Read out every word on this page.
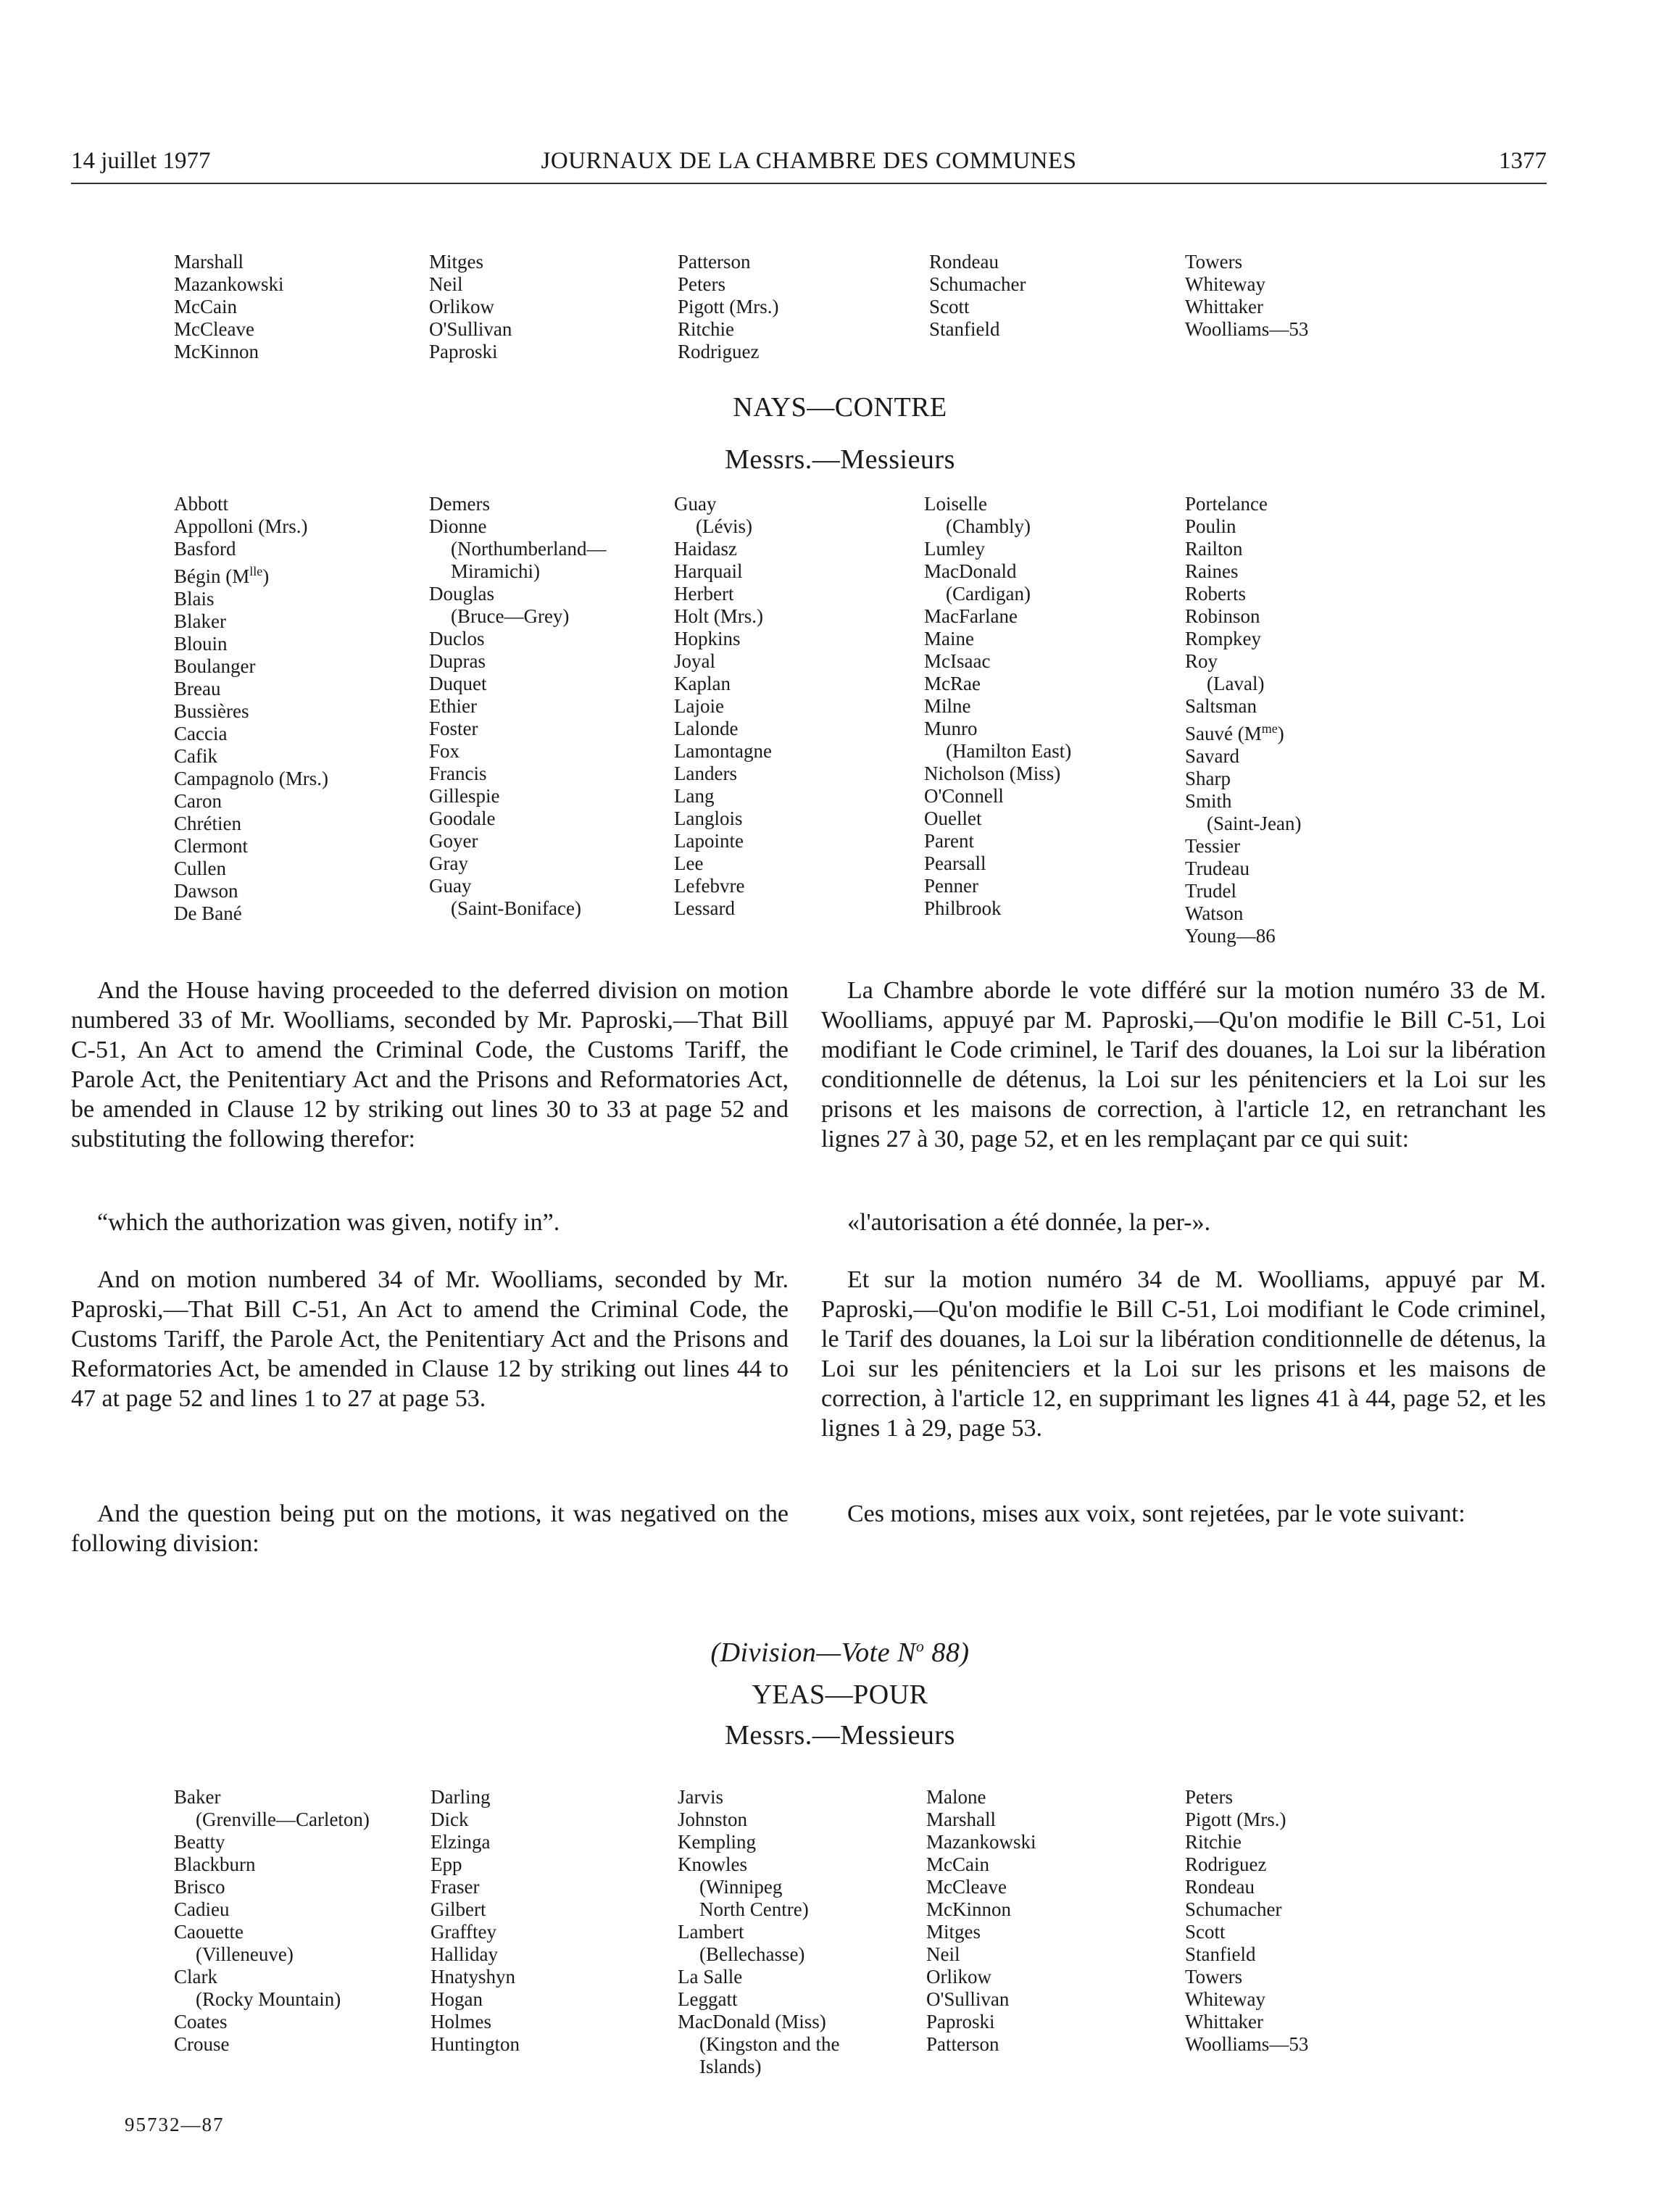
14 juillet 1977	JOURNAUX DE LA CHAMBRE DES COMMUNES	1377
Marshall
Mazankowski
McCain
McCleave
McKinnon
Mitges
Neil
Orlikow
O'Sullivan
Paproski
Patterson
Peters
Pigott (Mrs.)
Ritchie
Rodriguez
Rondeau
Schumacher
Scott
Stanfield
Towers
Whiteway
Whittaker
Woolliams—53
NAYS—CONTRE
Messrs.—Messieurs
Abbott
Appolloni (Mrs.)
Basford
Bégin $(M^{lle})$
Blais
Blaker
Blouin
Boulanger
Breau
Bussières
Caccia
Cafik
Campagnolo (Mrs.)
Caron
Chrétien
Clermont
Cullen
Dawson
De Bané
Demers
Dionne
(Northumberland—
Miramichi)
Douglas
(Bruce—Grey)
Duclos
Dupras
Duquet
Ethier
Foster
Fox
Francis
Gillespie
Goodale
Goyer
Gray
Guay
(Saint-Boniface)
Guay
(Lévis)
Haidasz
Harquail
Herbert
Holt (Mrs.)
Hopkins
Joyal
Kaplan
Lajoie
Lalonde
Lamontagne
Landers
Lang
Langlois
Lapointe
Lee
Lefebvre
Lessard
Loiselle
(Chambly)
Lumley
MacDonald
(Cardigan)
MacFarlane
Maine
McIsaac
McRae
Milne
Munro
(Hamilton East)
Nicholson (Miss)
O'Connell
Ouellet
Parent
Pearsall
Penner
Philbrook
Portelance
Poulin
Railton
Raines
Roberts
Robinson
Rompkey
Roy
(Laval)
Saltsman
Sauvé $(M^{me})$
Savard
Sharp
Smith
(Saint-Jean)
Tessier
Trudeau
Trudel
Watson
Young—86
And the House having proceeded to the deferred division on motion numbered 33 of Mr. Woolliams, seconded by Mr. Paproski,—That Bill C-51, An Act to amend the Criminal Code, the Customs Tariff, the Parole Act, the Penitentiary Act and the Prisons and Reformatories Act, be amended in Clause 12 by striking out lines 30 to 33 at page 52 and substituting the following therefor:
“which the authorization was given, notify in”.
And on motion numbered 34 of Mr. Woolliams, seconded by Mr. Paproski,—That Bill C-51, An Act to amend the Criminal Code, the Customs Tariff, the Parole Act, the Penitentiary Act and the Prisons and Reformatories Act, be amended in Clause 12 by striking out lines 44 to 47 at page 52 and lines 1 to 27 at page 53.
And the question being put on the motions, it was negatived on the following division:
La Chambre aborde le vote différé sur la motion numéro 33 de M. Woolliams, appuyé par M. Paproski,—Qu'on modifie le Bill C-51, Loi modifiant le Code criminel, le Tarif des douanes, la Loi sur la libération conditionnelle de détenus, la Loi sur les pénitenciers et la Loi sur les prisons et les maisons de correction, à l'article 12, en retranchant les lignes 27 à 30, page 52, et en les remplaçant par ce qui suit:
«l'autorisation a été donnée, la per-».
Et sur la motion numéro 34 de M. Woolliams, appuyé par M. Paproski,—Qu'on modifie le Bill C-51, Loi modifiant le Code criminel, le Tarif des douanes, la Loi sur la libération conditionnelle de détenus, la Loi sur les pénitenciers et la Loi sur les prisons et les maisons de correction, à l'article 12, en supprimant les lignes 41 à 44, page 52, et les lignes 1 à 29, page 53.
Ces motions, mises aux voix, sont rejetées, par le vote suivant:
(Division—Vote $N^o$ 88)
YEAS—POUR
Messrs.—Messieurs
Baker
(Grenville—Carleton)
Beatty
Blackburn
Brisco
Cadieu
Caouette
(Villeneuve)
Clark
(Rocky Mountain)
Coates
Crouse
Darling
Dick
Elzinga
Epp
Fraser
Gilbert
Grafftey
Halliday
Hnatyshyn
Hogan
Holmes
Huntington
Jarvis
Johnston
Kempling
Knowles
(Winnipeg
North Centre)
Lambert
(Bellechasse)
La Salle
Leggatt
MacDonald (Miss)
(Kingston and the
Islands)
Malone
Marshall
Mazankowski
McCain
McCleave
McKinnon
Mitges
Neil
Orlikow
O'Sullivan
Paproski
Patterson
Peters
Pigott (Mrs.)
Ritchie
Rodriguez
Rondeau
Schumacher
Scott
Stanfield
Towers
Whiteway
Whittaker
Woolliams—53
95732—87
